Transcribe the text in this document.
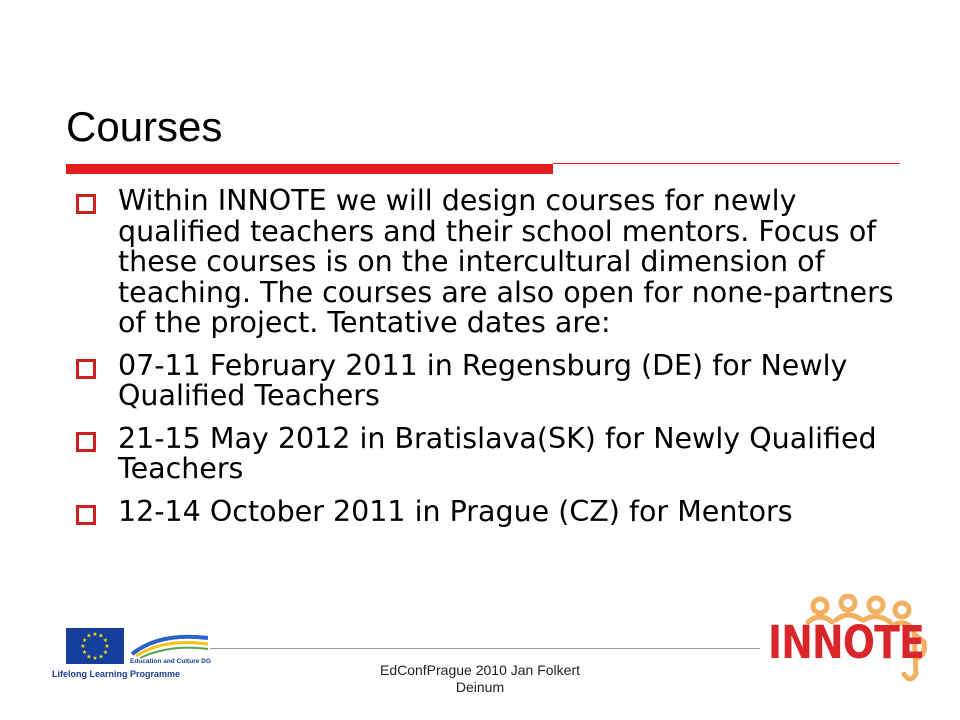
Courses
Within INNOTE we will design courses for newly qualified teachers and their school mentors. Focus of these courses is on the intercultural dimension of teaching. The courses are also open for none-partners of the project. Tentative dates are:
07-11 February 2011 in Regensburg (DE) for Newly Qualified Teachers
21-15 May 2012 in Bratislava(SK) for Newly Qualified Teachers
12-14 October 2011 in Prague (CZ) for Mentors
★ ★
★
★
★
★
★
★
★
★
★
★
Education and Culture DG
Lifelong Learning Programme	EdConfPrague 2010 Jan Folkert
Deinum
INNOTE
